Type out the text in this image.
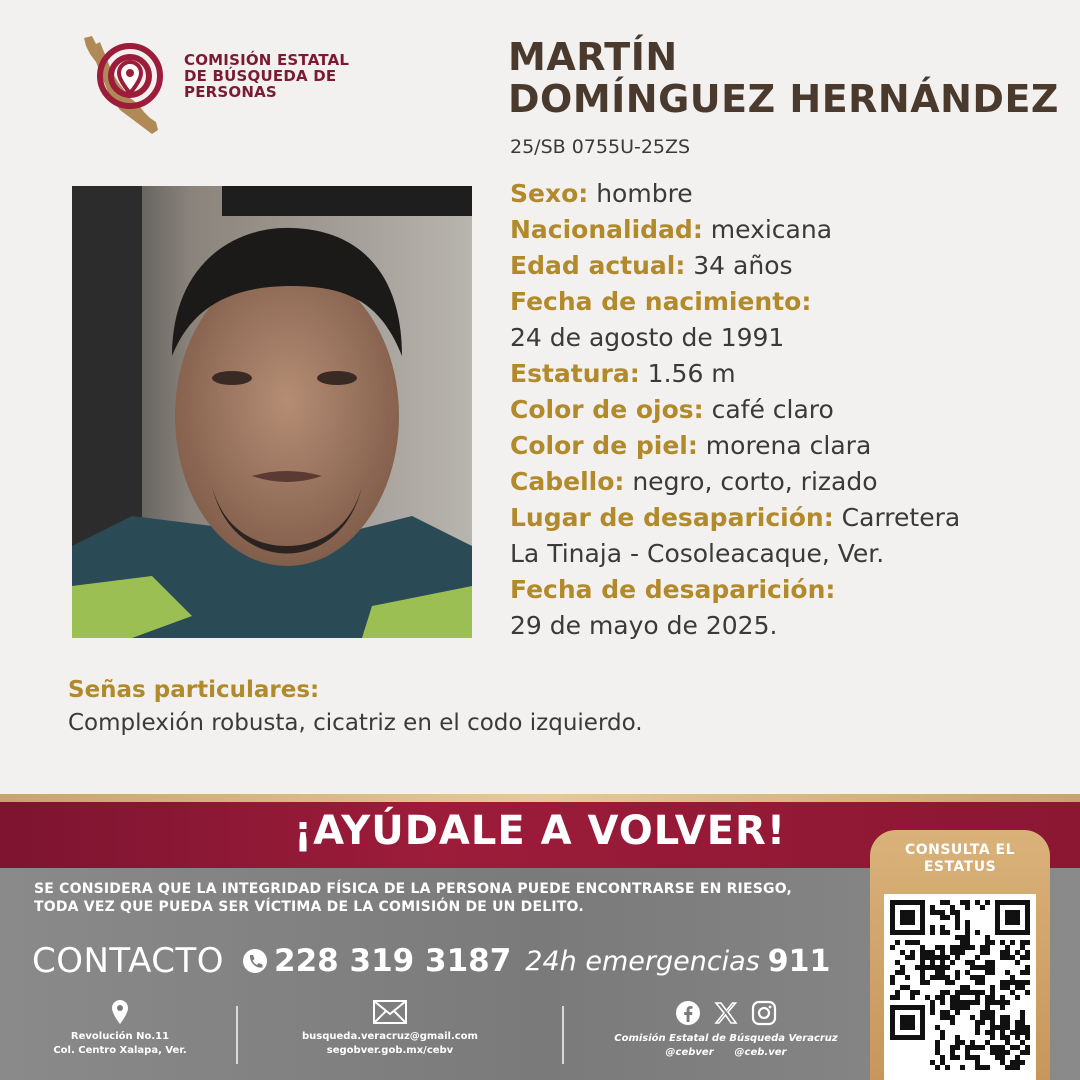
COMISIÓN ESTATAL
DE BÚSQUEDA DE
PERSONAS
MARTÍN
DOMÍNGUEZ HERNÁNDEZ
25/SB 0755U-25ZS
Sexo: hombre
Nacionalidad: mexicana
Edad actual: 34 años
Fecha de nacimiento:
24 de agosto de 1991
Estatura: 1.56 m
Color de ojos: café claro
Color de piel: morena clara
Cabello: negro, corto, rizado
Lugar de desaparición: Carretera
La Tinaja - Cosoleacaque, Ver.
Fecha de desaparición:
29 de mayo de 2025.
Señas particulares:
Complexión robusta, cicatriz en el codo izquierdo.
¡AYÚDALE A VOLVER!
SE CONSIDERA QUE LA INTEGRIDAD FÍSICA DE LA PERSONA PUEDE ENCONTRARSE EN RIESGO,
TODA VEZ QUE PUEDA SER VÍCTIMA DE LA COMISIÓN DE UN DELITO.
CONTACTO 228 319 3187 24h emergencias 911
Revolución No.11
Col. Centro Xalapa, Ver.
busqueda.veracruz@gmail.com
segobver.gob.mx/cebv
Comisión Estatal de Búsqueda Veracruz
@cebver      @ceb.ver
CONSULTA EL
ESTATUS
